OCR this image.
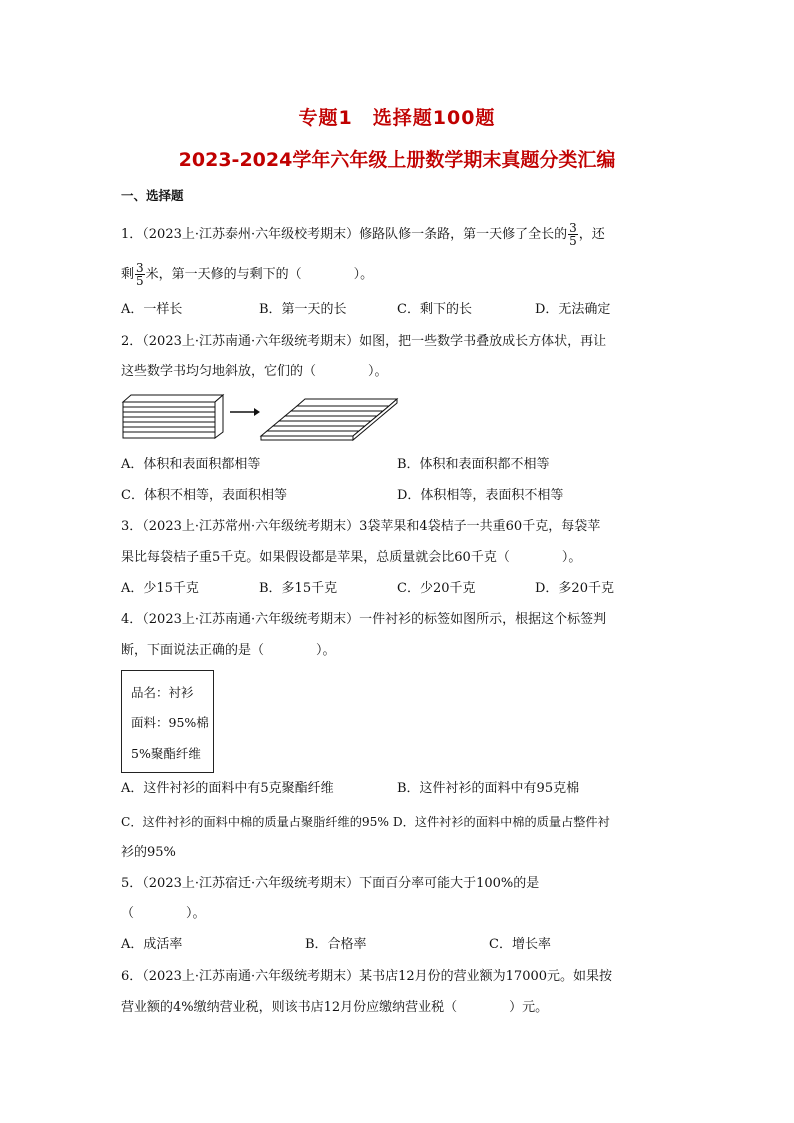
专题1　选择题100题
2023-2024学年六年级上册数学期末真题分类汇编
一、选择题
1．（2023上·江苏泰州·六年级校考期末）修路队修一条路，第一天修了全长的 $\frac{3}{5}$ ，还
剩 $\frac{3}{5}$ 米，第一天修的与剩下的（　　　　）。
A．一样长	B．第一天的长	C．剩下的长	D．无法确定
2．（2023上·江苏南通·六年级统考期末）如图，把一些数学书叠放成长方体状，再让
这些数学书均匀地斜放，它们的（　　　　）。
A．体积和表面积都相等	B．体积和表面积都不相等
C．体积不相等，表面积相等	D．体积相等，表面积不相等
3．（2023上·江苏常州·六年级统考期末）3袋苹果和4袋桔子一共重60千克，每袋苹
果比每袋桔子重5千克。如果假设都是苹果，总质量就会比60千克（　　　　）。
A．少15千克	B．多15千克	C．少20千克	D．多20千克
4．（2023上·江苏南通·六年级统考期末）一件衬衫的标签如图所示，根据这个标签判
断，下面说法正确的是（　　　　）。
品名：衬衫
面料：95%棉
5%聚酯纤维
A．这件衬衫的面料中有5克聚酯纤维	B．这件衬衫的面料中有95克棉
C．这件衬衫的面料中棉的质量占聚脂纤维的95% D．这件衬衫的面料中棉的质量占整件衬
衫的95%
5．（2023上·江苏宿迁·六年级统考期末）下面百分率可能大于100%的是
（　　　　）。
A．成活率	B．合格率	C．增长率
6．（2023上·江苏南通·六年级统考期末）某书店12月份的营业额为17000元。如果按
营业额的4%缴纳营业税，则该书店12月份应缴纳营业税（　　　　）元。
